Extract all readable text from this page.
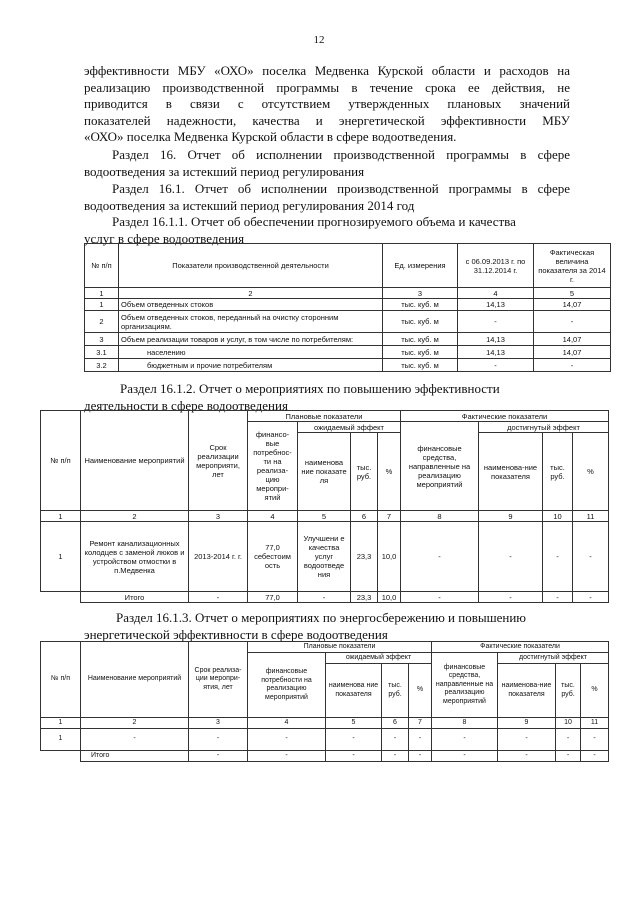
12
эффективности МБУ «ОХО» поселка Медвенка Курской области и расходов на
реализацию производственной программы в течение срока ее действия, не
приводится в связи с отсутствием утвержденных плановых значений
показателей надежности, качества и энергетической эффективности МБУ
«ОХО» поселка Медвенка Курской области в сфере водоотведения.
Раздел 16. Отчет об исполнении производственной программы в сфере водоотведения за истекший период регулирования
Раздел 16.1. Отчет об исполнении производственной программы в сфере водоотведения за истекший период регулирования 2014 год
Раздел 16.1.1. Отчет об обеспечении прогнозируемого объема и качества
услуг в сфере водоотведения
№ п/п	Показатели производственной деятельности	Ед. измерения	с 06.09.2013 г. по 31.12.2014 г.	Фактическая величина показателя за 2014 г.
1	2	3	4	5
1	Объем отведенных стоков	тыс. куб. м	14,13	14,07
2	Объем отведенных стоков, переданный на очистку сторонним организациям.	тыс. куб. м	-	-
3	Объем реализации товаров и услуг, в том числе по потребителям:	тыс. куб. м	14,13	14,07
3.1	населению	тыс. куб. м	14,13	14,07
3.2	бюджетным и прочие потребителям	тыс. куб. м	-	-
Раздел 16.1.2. Отчет о мероприятиях по повышению эффективности
деятельности в сфере водоотведения
№ п/п	Наименование мероприятий	Срок реализации мероприяти, лет	Плановые показатели				Фактические показатели			
			финансо-вые потребнос-ти на реализа-цию меропри-ятий	ожидаемый эффект			финансовые средства, направленные на реализацию мероприятий	достигнутый эффект		
				наименова ние показате ля	тыс. руб.	%		наименова-ние показателя	тыс. руб.	%
1	2	3	4	5	6	7	8	9	10	11
1	Ремонт канализационных колодцев с заменой люков и устройством отмостки в п.Медвенка	2013-2014 г. г.	77,0 себестоим ость	Улучшени е качества услуг водоотведе ния	23,3	10,0	-	-	-	-
	Итого	-	77,0	-	23,3	10,0	-	-	-	-
Раздел 16.1.3. Отчет о мероприятиях по энергосбережению и повышению
энергетической эффективности в сфере водоотведения
№ п/п	Наименование мероприятий	Срок реализа-ции меропри-ятия, лет	Плановые показатели				Фактические показатели			
			финансовые потребности на реализацию мероприятий	ожидаемый эффект			финансовые средства, направленные на реализацию мероприятий	достигнутый эффект		
				наименова ние показателя	тыс. руб.	%		наименова-ние показателя	тыс. руб.	%
1	2	3	4	5	6	7	8	9	10	11
1	-	-	-	-	-	-	-	-	-	-
	Итого	-	-	-	-	-	-	-	-	-
